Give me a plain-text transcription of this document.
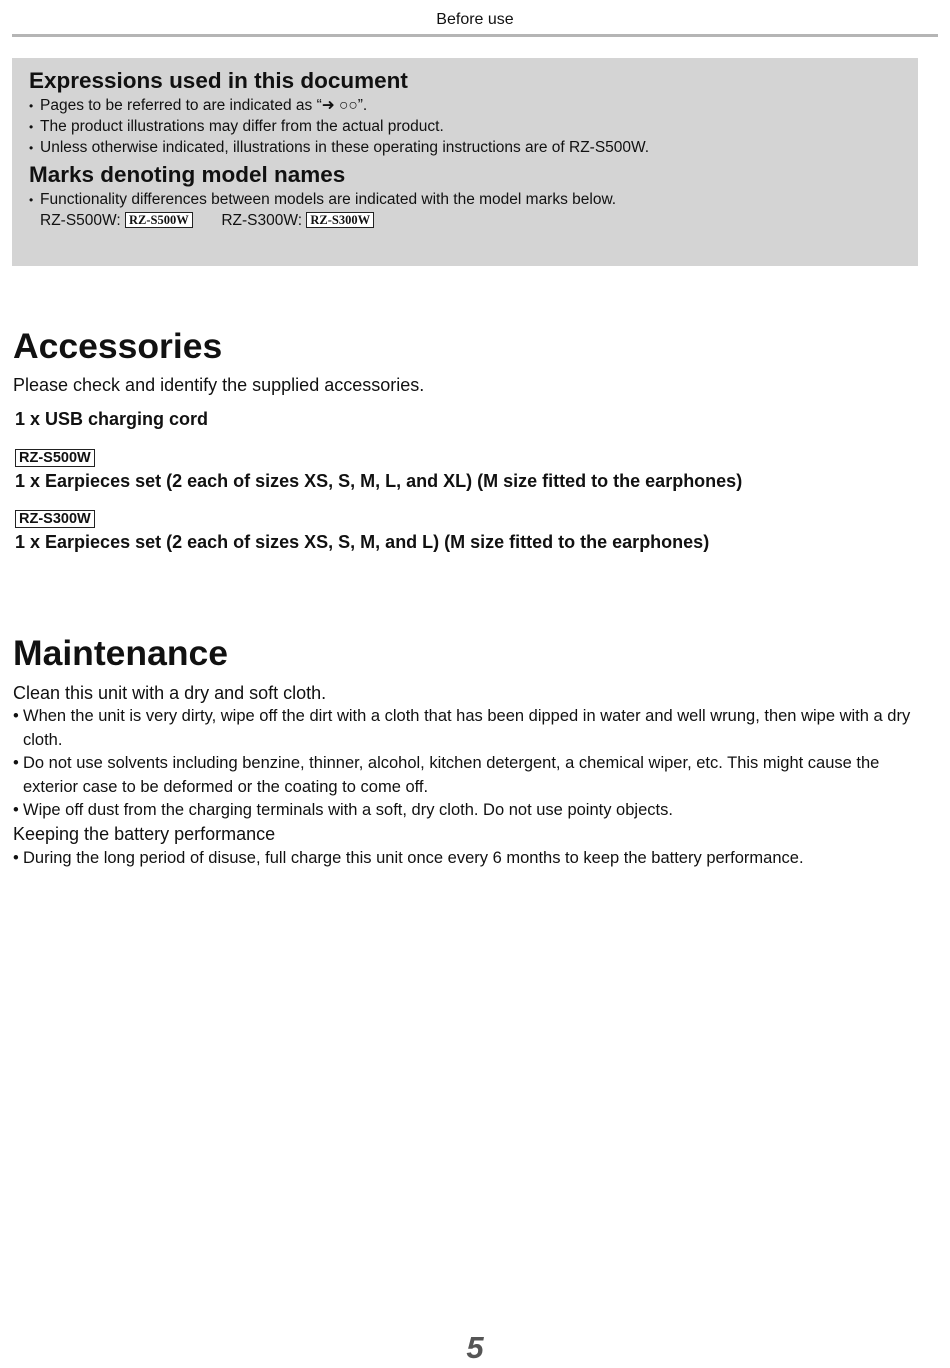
Before use
Expressions used in this document
• Pages to be referred to are indicated as “➜ ○○”.
• The product illustrations may differ from the actual product.
• Unless otherwise indicated, illustrations in these operating instructions are of RZ-S500W.
Marks denoting model names
• Functionality differences between models are indicated with the model marks below.
RZ-S500W: RZ-S500W RZ-S300W: RZ-S300W
Accessories

Please check and identify the supplied accessories.

1 x USB charging cord

RZ-S500W

1 x Earpieces set (2 each of sizes XS, S, M, L, and XL) (M size fitted to the earphones)

RZ-S300W

1 x Earpieces set (2 each of sizes XS, S, M, and L) (M size fitted to the earphones)

Maintenance

Clean this unit with a dry and soft cloth.

• When the unit is very dirty, wipe off the dirt with a cloth that has been dipped in water and well wrung, then wipe with a dry cloth.
• Do not use solvents including benzine, thinner, alcohol, kitchen detergent, a chemical wiper, etc. This might cause the exterior case to be deformed or the coating to come off.
• Wipe off dust from the charging terminals with a soft, dry cloth. Do not use pointy objects.

Keeping the battery performance

• During the long period of disuse, full charge this unit once every 6 months to keep the battery performance.
5
